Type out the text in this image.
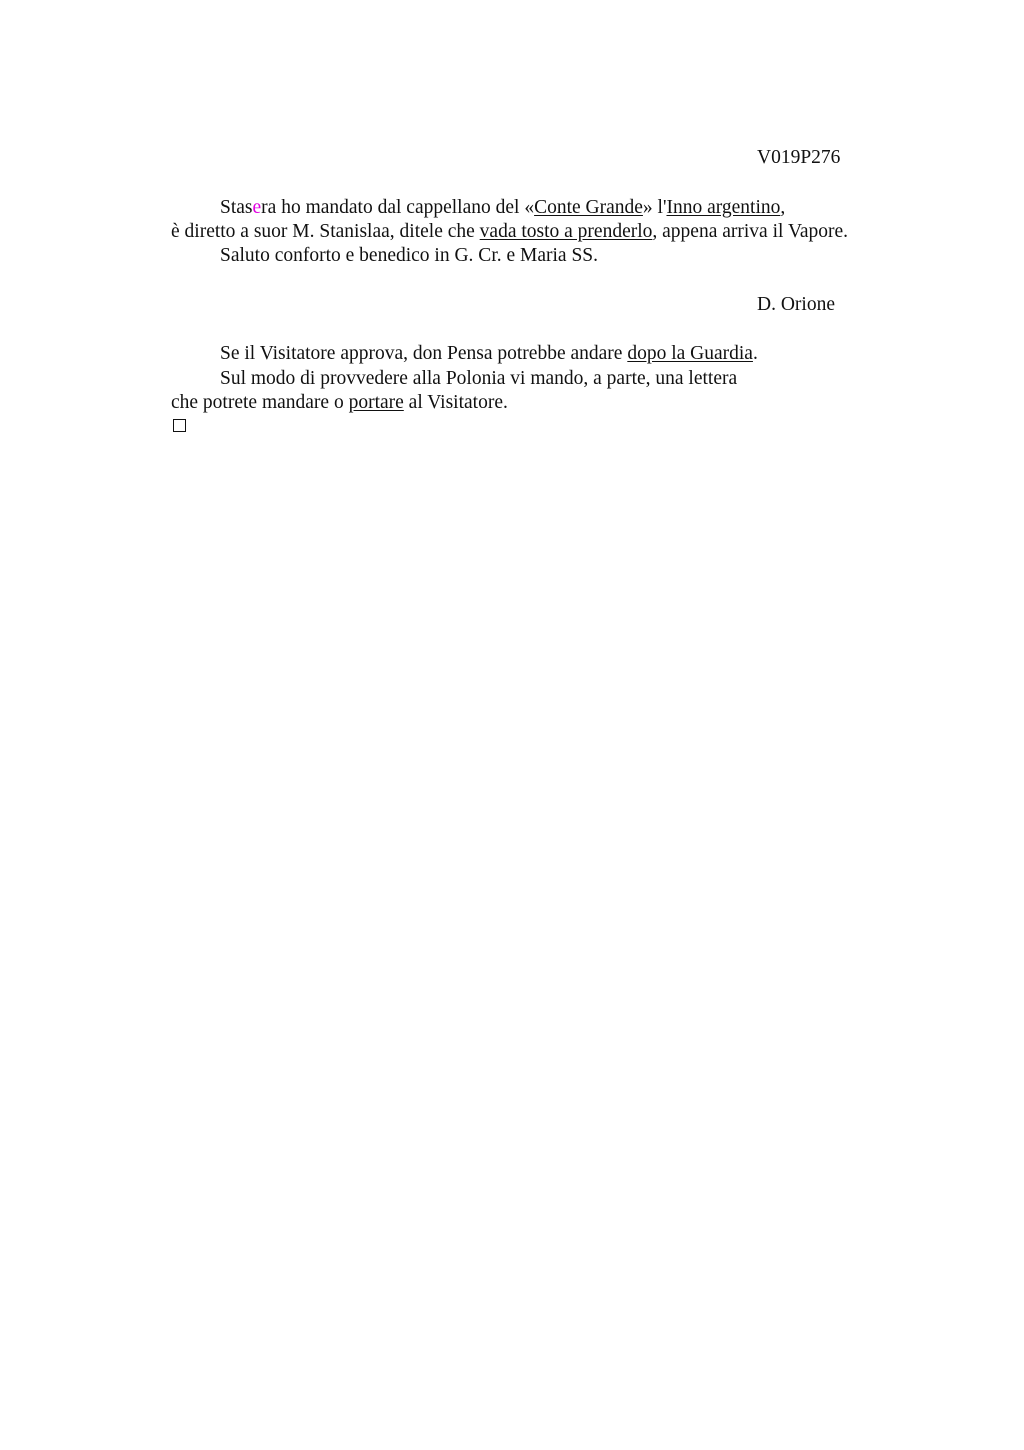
V019P276
Stasera ho mandato dal cappellano del «Conte Grande» l'Inno argentino,
è diretto a suor M. Stanislaa, ditele che vada tosto a prenderlo, appena arriva il Vapore.
Saluto conforto e benedico in G. Cr. e Maria SS.
D. Orione
Se il Visitatore approva, don Pensa potrebbe andare dopo la Guardia.
Sul modo di provvedere alla Polonia vi mando, a parte, una lettera
che potrete mandare o portare al Visitatore.
